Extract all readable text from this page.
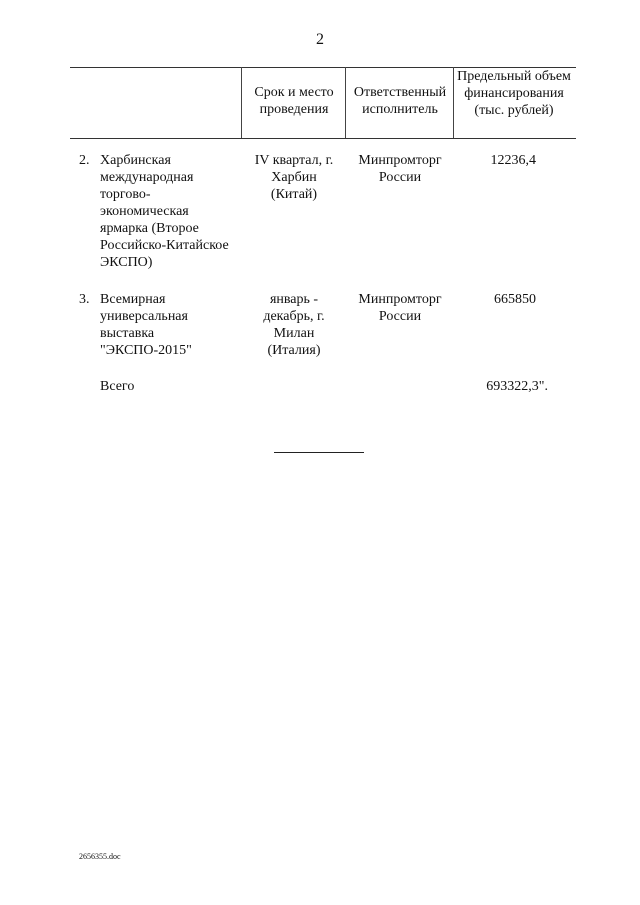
2
Срок и место проведения
Ответственный исполнитель
Предельный объем финансирования (тыс. рублей)
2. Харбинская международная торгово-экономическая ярмарка (Второе Российско-Китайское ЭКСПО)
IV квартал, г. Харбин (Китай)
Минпромторг России
12236,4
3. Всемирная универсальная выставка "ЭКСПО-2015"
январь - декабрь, г. Милан (Италия)
Минпромторг России
665850
Всего	693322,3".
2656355.doc
